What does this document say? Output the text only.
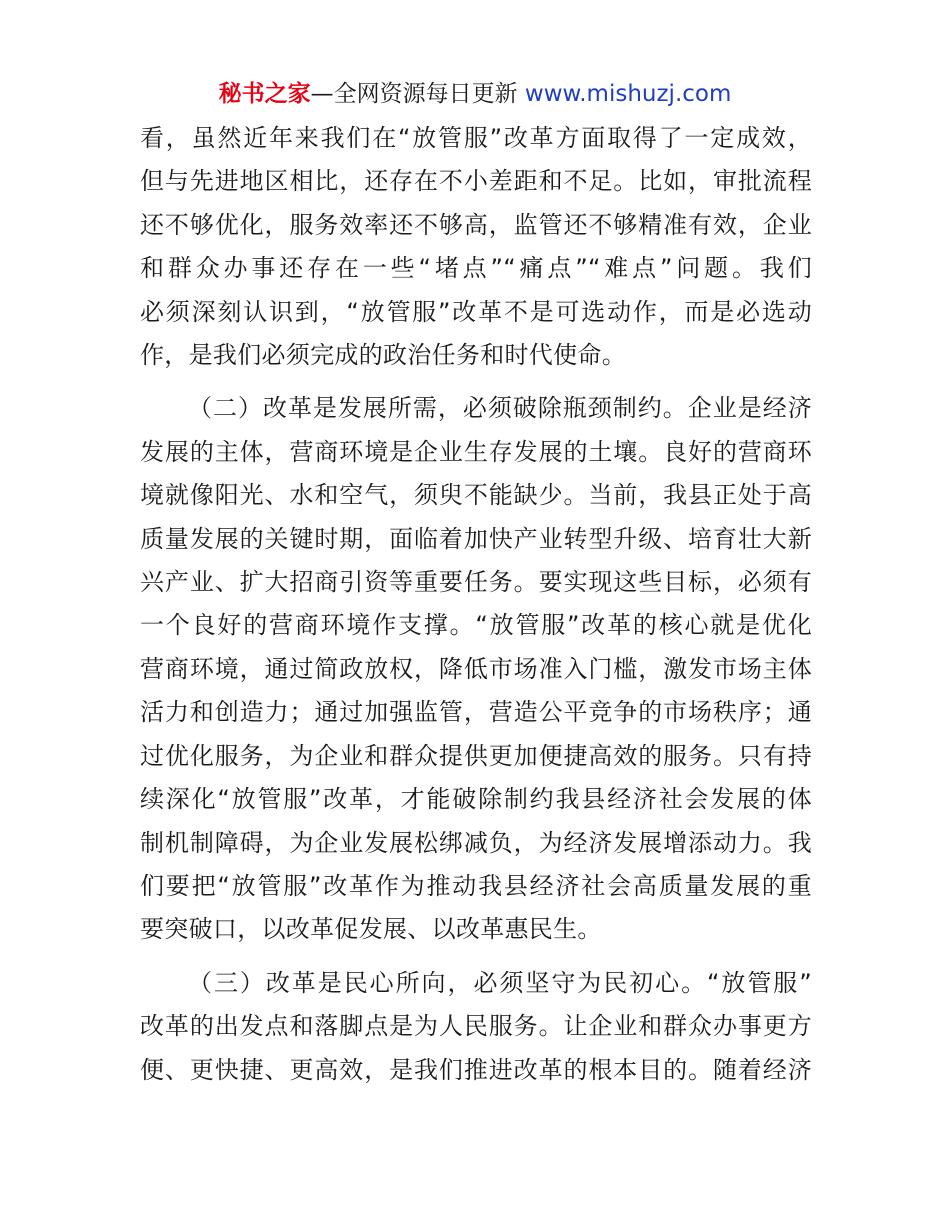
秘书之家—全网资源每日更新 www.mishuzj.com

看，虽然近年来我们在“放管服”改革方面取得了一定成效，
但与先进地区相比，还存在不小差距和不足。比如，审批流程
还不够优化，服务效率还不够高，监管还不够精准有效，企业
和群众办事还存在一些“堵点”“痛点”“难点”问题。我们
必须深刻认识到，“放管服”改革不是可选动作，而是必选动
作，是我们必须完成的政治任务和时代使命。

（二）改革是发展所需，必须破除瓶颈制约。企业是经济
发展的主体，营商环境是企业生存发展的土壤。良好的营商环
境就像阳光、水和空气，须臾不能缺少。当前，我县正处于高
质量发展的关键时期，面临着加快产业转型升级、培育壮大新
兴产业、扩大招商引资等重要任务。要实现这些目标，必须有
一个良好的营商环境作支撑。“放管服”改革的核心就是优化
营商环境，通过简政放权，降低市场准入门槛，激发市场主体
活力和创造力；通过加强监管，营造公平竞争的市场秩序；通
过优化服务，为企业和群众提供更加便捷高效的服务。只有持
续深化“放管服”改革，才能破除制约我县经济社会发展的体
制机制障碍，为企业发展松绑减负，为经济发展增添动力。我
们要把“放管服”改革作为推动我县经济社会高质量发展的重
要突破口，以改革促发展、以改革惠民生。

（三）改革是民心所向，必须坚守为民初心。“放管服”
改革的出发点和落脚点是为人民服务。让企业和群众办事更方
便、更快捷、更高效，是我们推进改革的根本目的。随着经济
